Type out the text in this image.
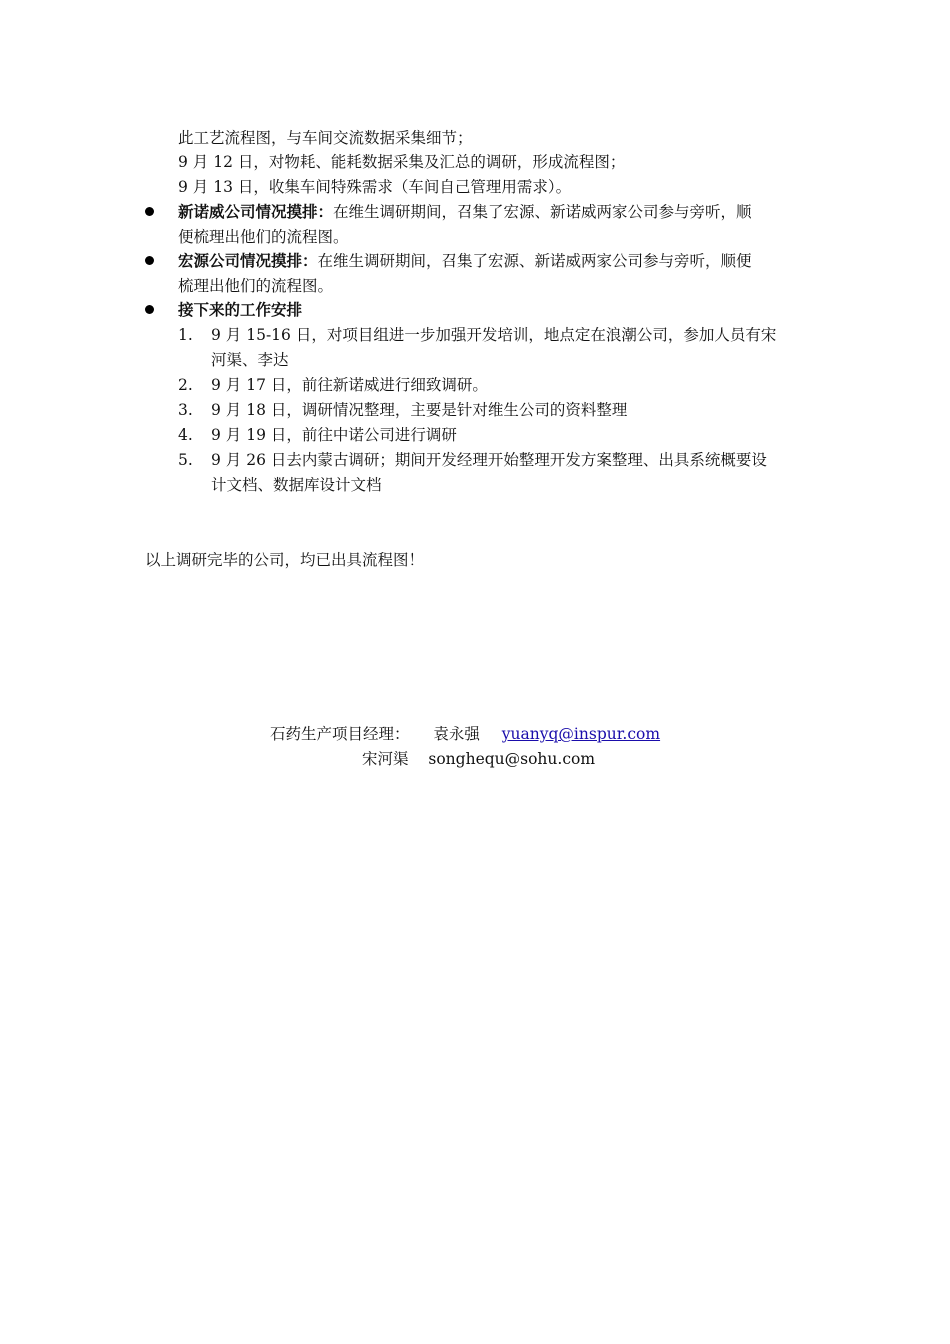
此工艺流程图，与车间交流数据采集细节；
9 月 12 日，对物耗、能耗数据采集及汇总的调研，形成流程图；
9 月 13 日，收集车间特殊需求（车间自己管理用需求）。
新诺威公司情况摸排：在维生调研期间，召集了宏源、新诺威两家公司参与旁听，顺
便梳理出他们的流程图。
宏源公司情况摸排：在维生调研期间，召集了宏源、新诺威两家公司参与旁听，顺便
梳理出他们的流程图。
接下来的工作安排
1. 9 月 15-16 日，对项目组进一步加强开发培训，地点定在浪潮公司，参加人员有宋
河渠、李达
2. 9 月 17 日，前往新诺威进行细致调研。
3. 9 月 18 日，调研情况整理，主要是针对维生公司的资料整理
4. 9 月 19 日，前往中诺公司进行调研
5. 9 月 26 日去内蒙古调研；期间开发经理开始整理开发方案整理、出具系统概要设
计文档、数据库设计文档
以上调研完毕的公司，均已出具流程图！
石药生产项目经理： 袁永强 yuanyq@inspur.com
宋河渠 songhequ@sohu.com
